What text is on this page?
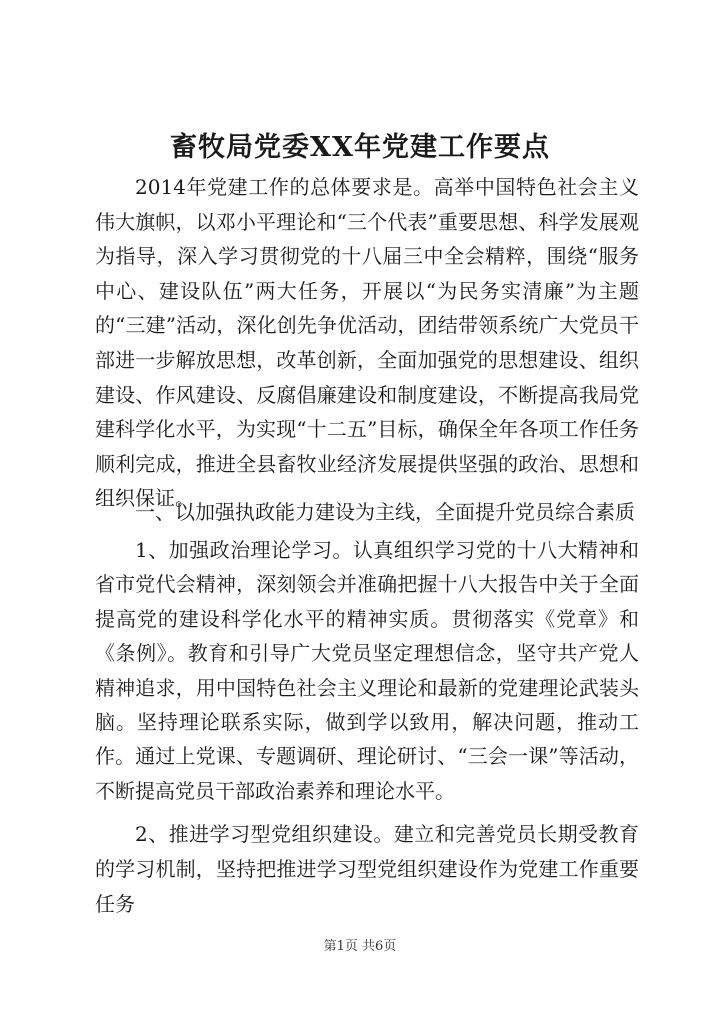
畜牧局党委XX年党建工作要点

2014年党建工作的总体要求是。高举中国特色社会主义伟大旗帜，以邓小平理论和“三个代表”重要思想、科学发展观为指导，深入学习贯彻党的十八届三中全会精粹，围绕“服务中心、建设队伍”两大任务，开展以“为民务实清廉”为主题的“三建”活动，深化创先争优活动，团结带领系统广大党员干部进一步解放思想，改革创新，全面加强党的思想建设、组织建设、作风建设、反腐倡廉建设和制度建设，不断提高我局党建科学化水平，为实现“十二五”目标，确保全年各项工作任务顺利完成，推进全县畜牧业经济发展提供坚强的政治、思想和组织保证。

一、以加强执政能力建设为主线，全面提升党员综合素质

1、加强政治理论学习。认真组织学习党的十八大精神和省市党代会精神，深刻领会并准确把握十八大报告中关于全面提高党的建设科学化水平的精神实质。贯彻落实《党章》和《条例》。教育和引导广大党员坚定理想信念，坚守共产党人精神追求，用中国特色社会主义理论和最新的党建理论武装头脑。坚持理论联系实际，做到学以致用，解决问题，推动工作。通过上党课、专题调研、理论研讨、“三会一课”等活动，不断提高党员干部政治素养和理论水平。

2、推进学习型党组织建设。建立和完善党员长期受教育的学习机制，坚持把推进学习型党组织建设作为党建工作重要任务

第1页 共6页
